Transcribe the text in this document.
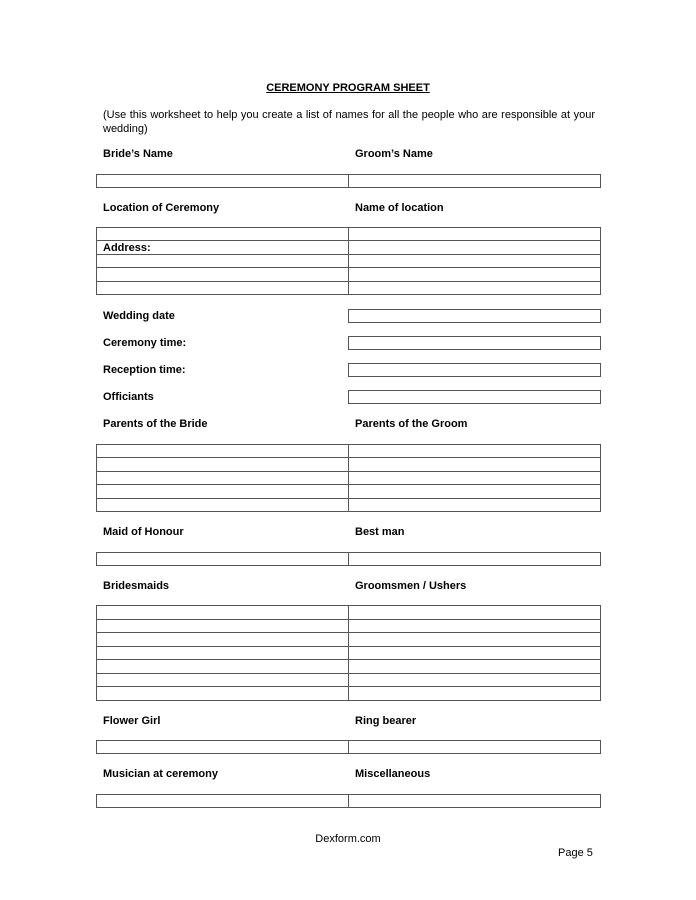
CEREMONY PROGRAM SHEET
(Use this worksheet to help you create a list of names for all the people who are responsible at your wedding)
Bride’s Name	Groom’s Name
Location of Ceremony	Name of location
Address:
Wedding date
Ceremony time:
Reception time:
Officiants
Parents of the Bride	Parents of the Groom
Maid of Honour	Best man
Bridesmaids	Groomsmen / Ushers
Flower Girl	Ring bearer
Musician at ceremony	Miscellaneous
Dexform.com
Page 5
